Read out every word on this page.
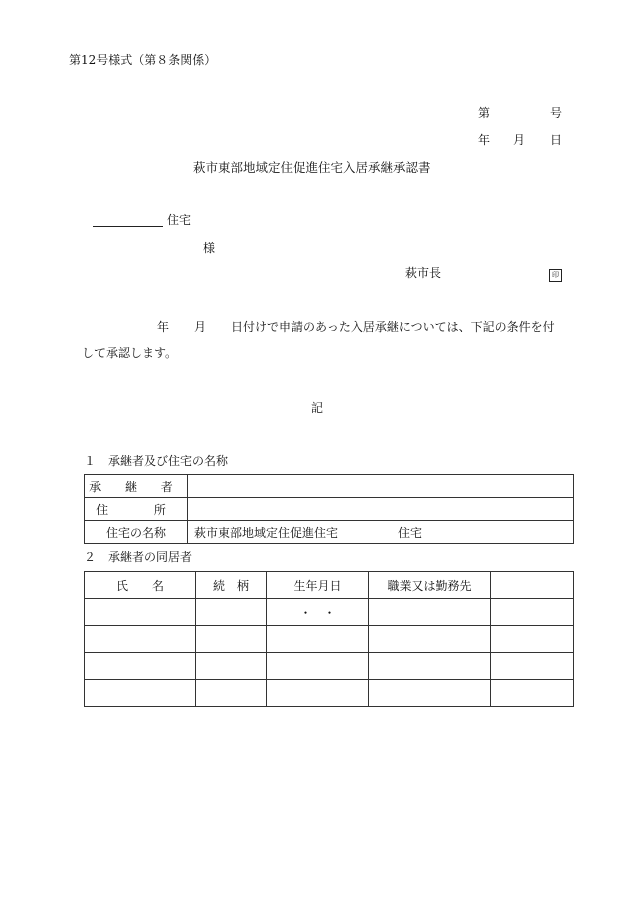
第12号様式（第８条関係）
第	号
年 月 日
萩市東部地域定住促進住宅入居承継承認書
住宅
様
萩市長	印
年 月 日付けで申請のあった入居承継については、下記の条件を付
して承認します。
記
１　承継者及び住宅の名称
承 継 者	
住 　所	
住宅の名称	萩市東部地域定住促進住宅 住宅
２　承継者の同居者
氏　　名	続　柄	生年月日	職業又は勤務先	
		・　・		
